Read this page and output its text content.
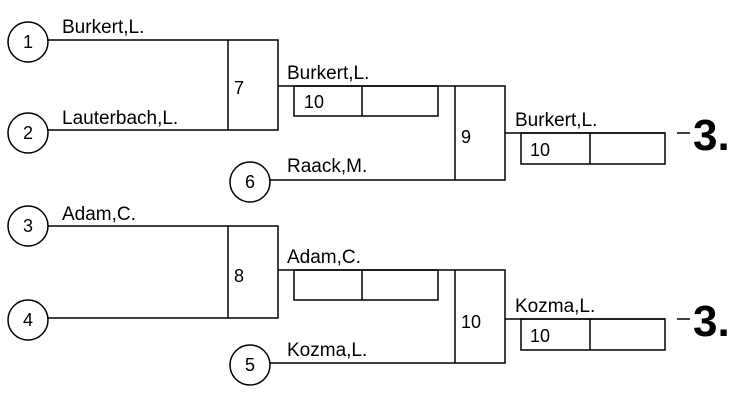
7
Burkert,L.
Lauterbach,L.
1
2
8
Adam,C.
3
4
9
Burkert,L.
10
Raack,M.
6
10
Adam,C.
Kozma,L.
5
Burkert,L.
10	3.
Kozma,L.
10	3.
